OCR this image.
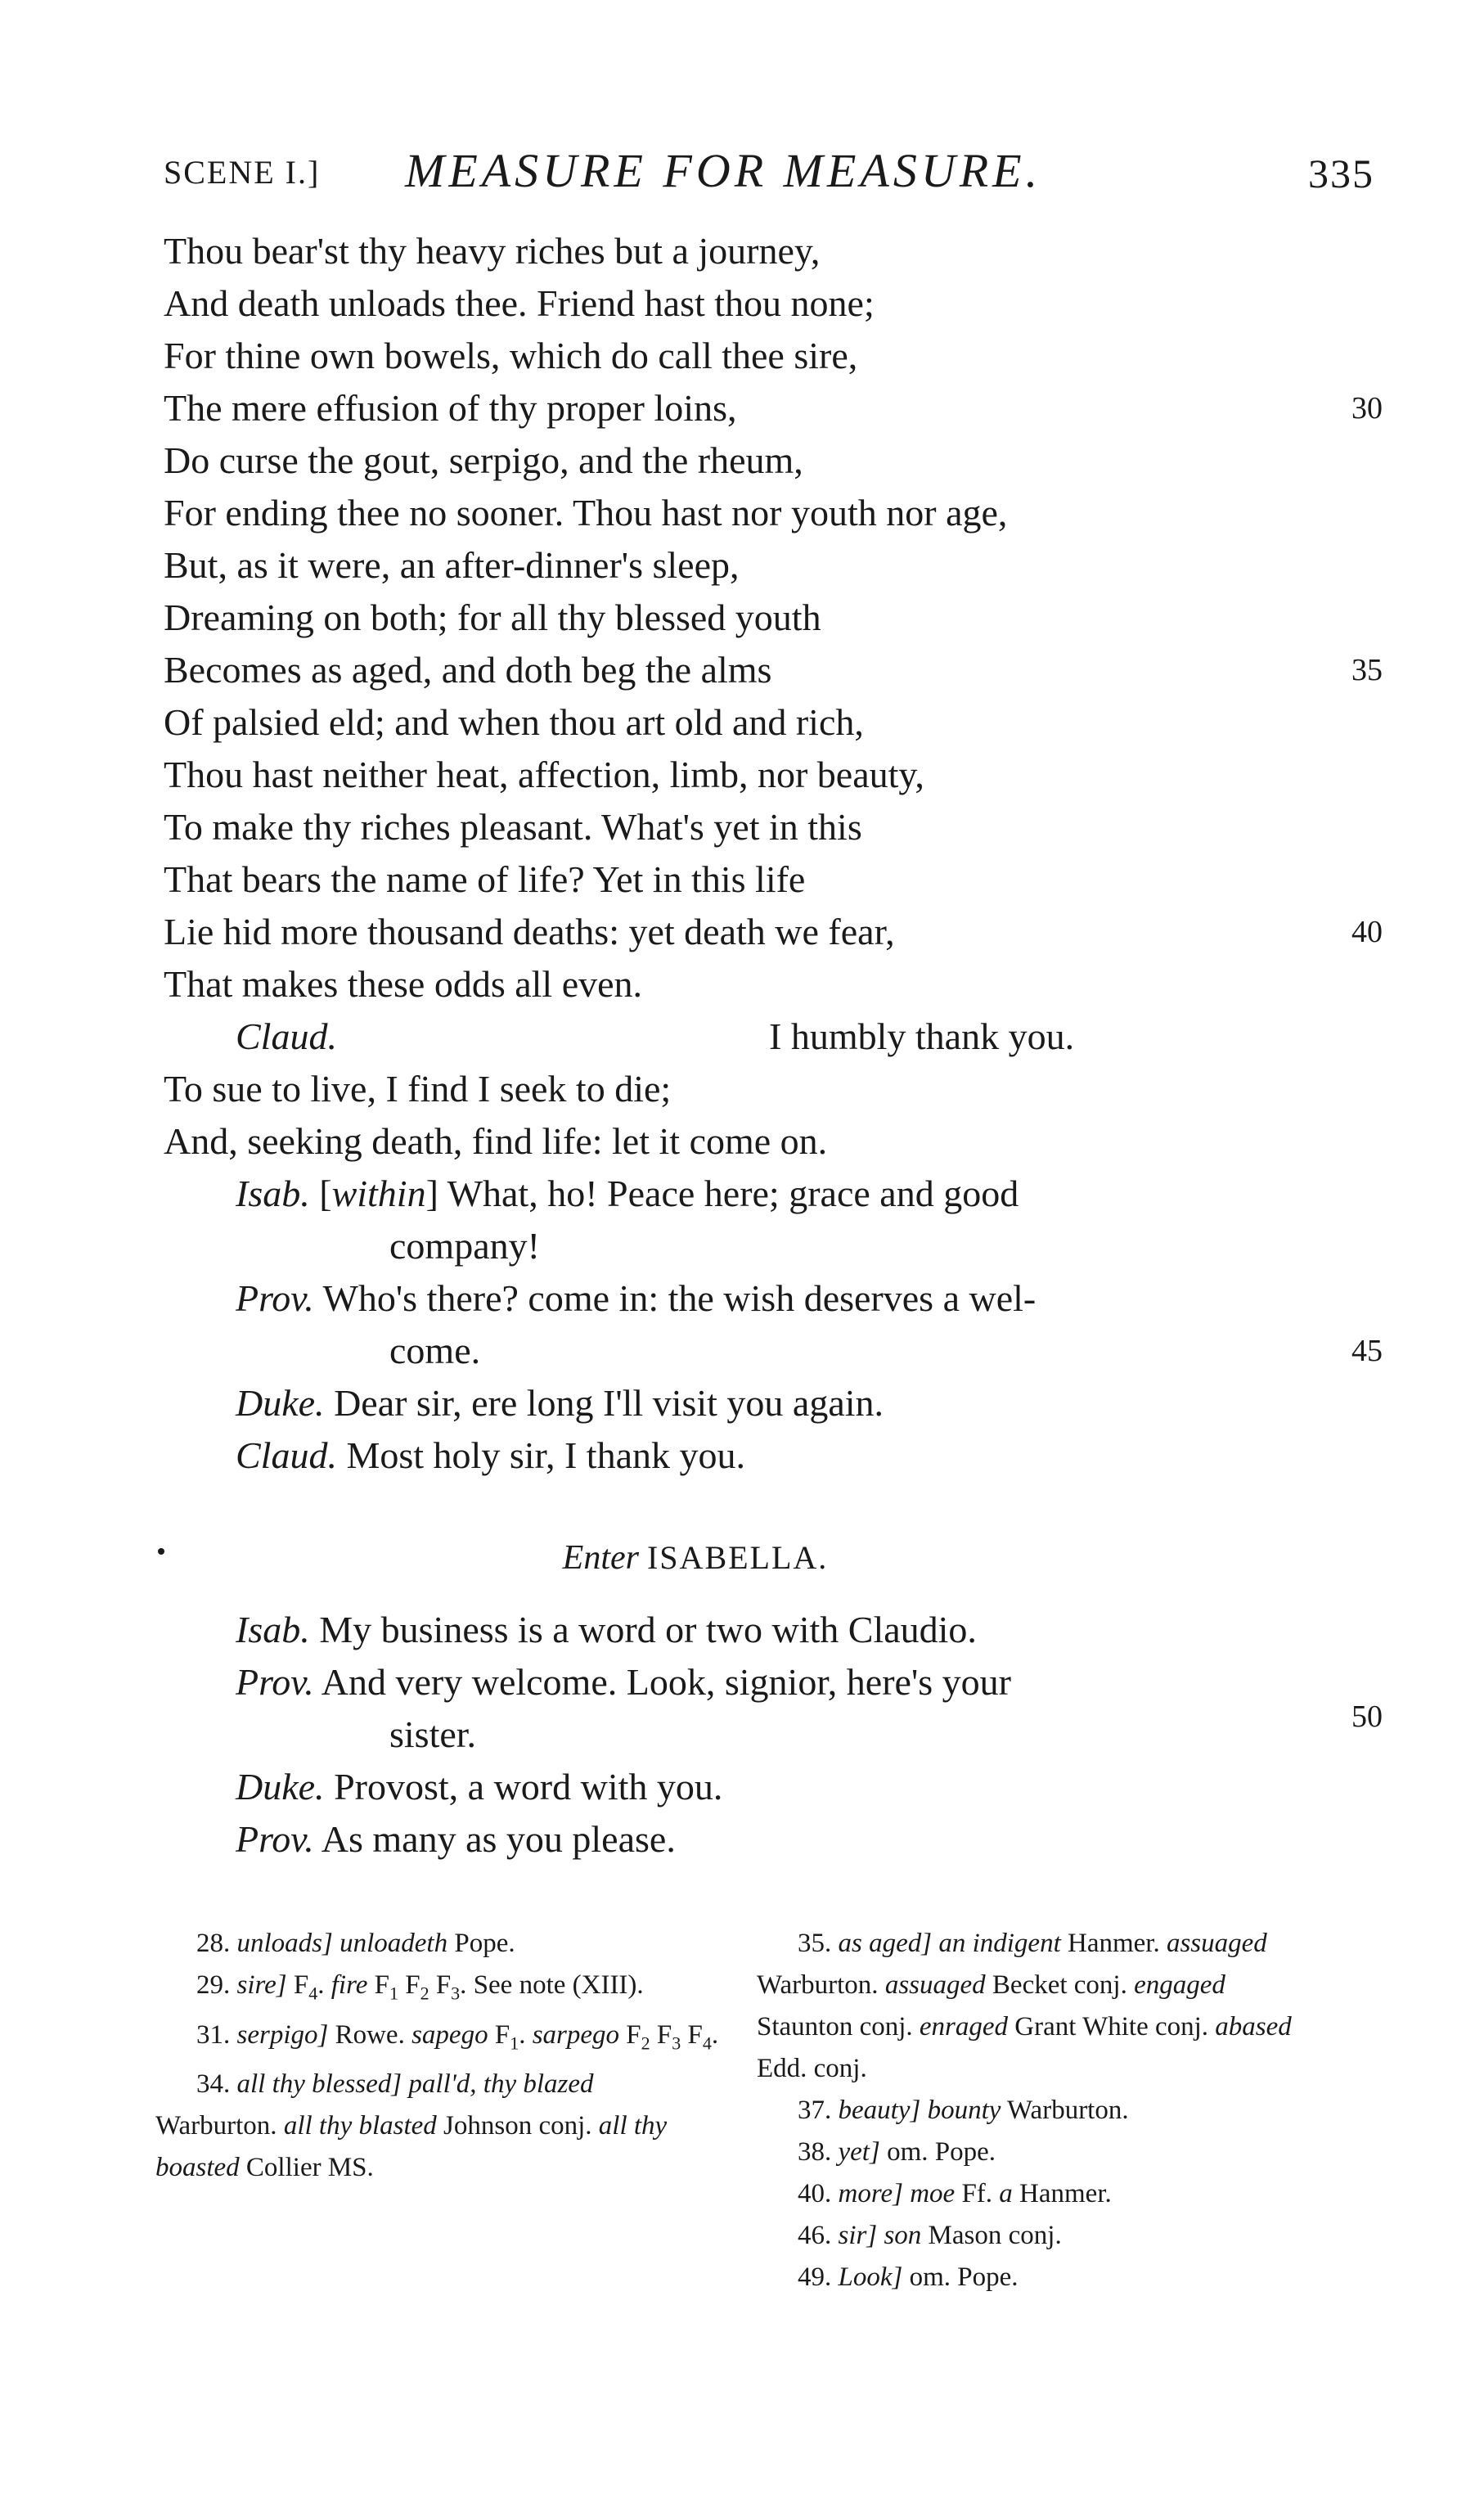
SCENE I.] MEASURE FOR MEASURE.	335
Thou bear'st thy heavy riches but a journey,
And death unloads thee. Friend hast thou none;
For thine own bowels, which do call thee sire,
The mere effusion of thy proper loins,	30
Do curse the gout, serpigo, and the rheum,
For ending thee no sooner. Thou hast nor youth nor age,
But, as it were, an after-dinner's sleep,
Dreaming on both; for all thy blessed youth
Becomes as aged, and doth beg the alms	35
Of palsied eld; and when thou art old and rich,
Thou hast neither heat, affection, limb, nor beauty,
To make thy riches pleasant. What's yet in this
That bears the name of life? Yet in this life
Lie hid more thousand deaths: yet death we fear,	40
That makes these odds all even.
Claud.	I humbly thank you.
To sue to live, I find I seek to die;
And, seeking death, find life: let it come on.
Isab. [within] What, ho! Peace here; grace and good
company!
Prov. Who's there? come in: the wish deserves a wel-
come.	45
Duke. Dear sir, ere long I'll visit you again.
Claud. Most holy sir, I thank you.
Enter ISABELLA.
Isab. My business is a word or two with Claudio.
Prov. And very welcome. Look, signior, here's your
sister.	50
Duke. Provost, a word with you.
Prov. As many as you please.

28. unloads] unloadeth Pope.

29. sire] $F_4$. fire $F_1$ $F_2$ $F_3$. See note (XIII).

31. serpigo] Rowe. sapego $F_1$. sarpego $F_2$ $F_3$ $F_4$.

34. all thy blessed] pall'd, thy blazed Warburton. all thy blasted Johnson conj. all thy boasted Collier MS.

35. as aged] an indigent Hanmer. assuaged Warburton. assuaged Becket conj. engaged Staunton conj. enraged Grant White conj. abased Edd. conj.

37. beauty] bounty Warburton.

38. yet] om. Pope.

40. more] moe Ff. a Hanmer.

46. sir] son Mason conj.

49. Look] om. Pope.
